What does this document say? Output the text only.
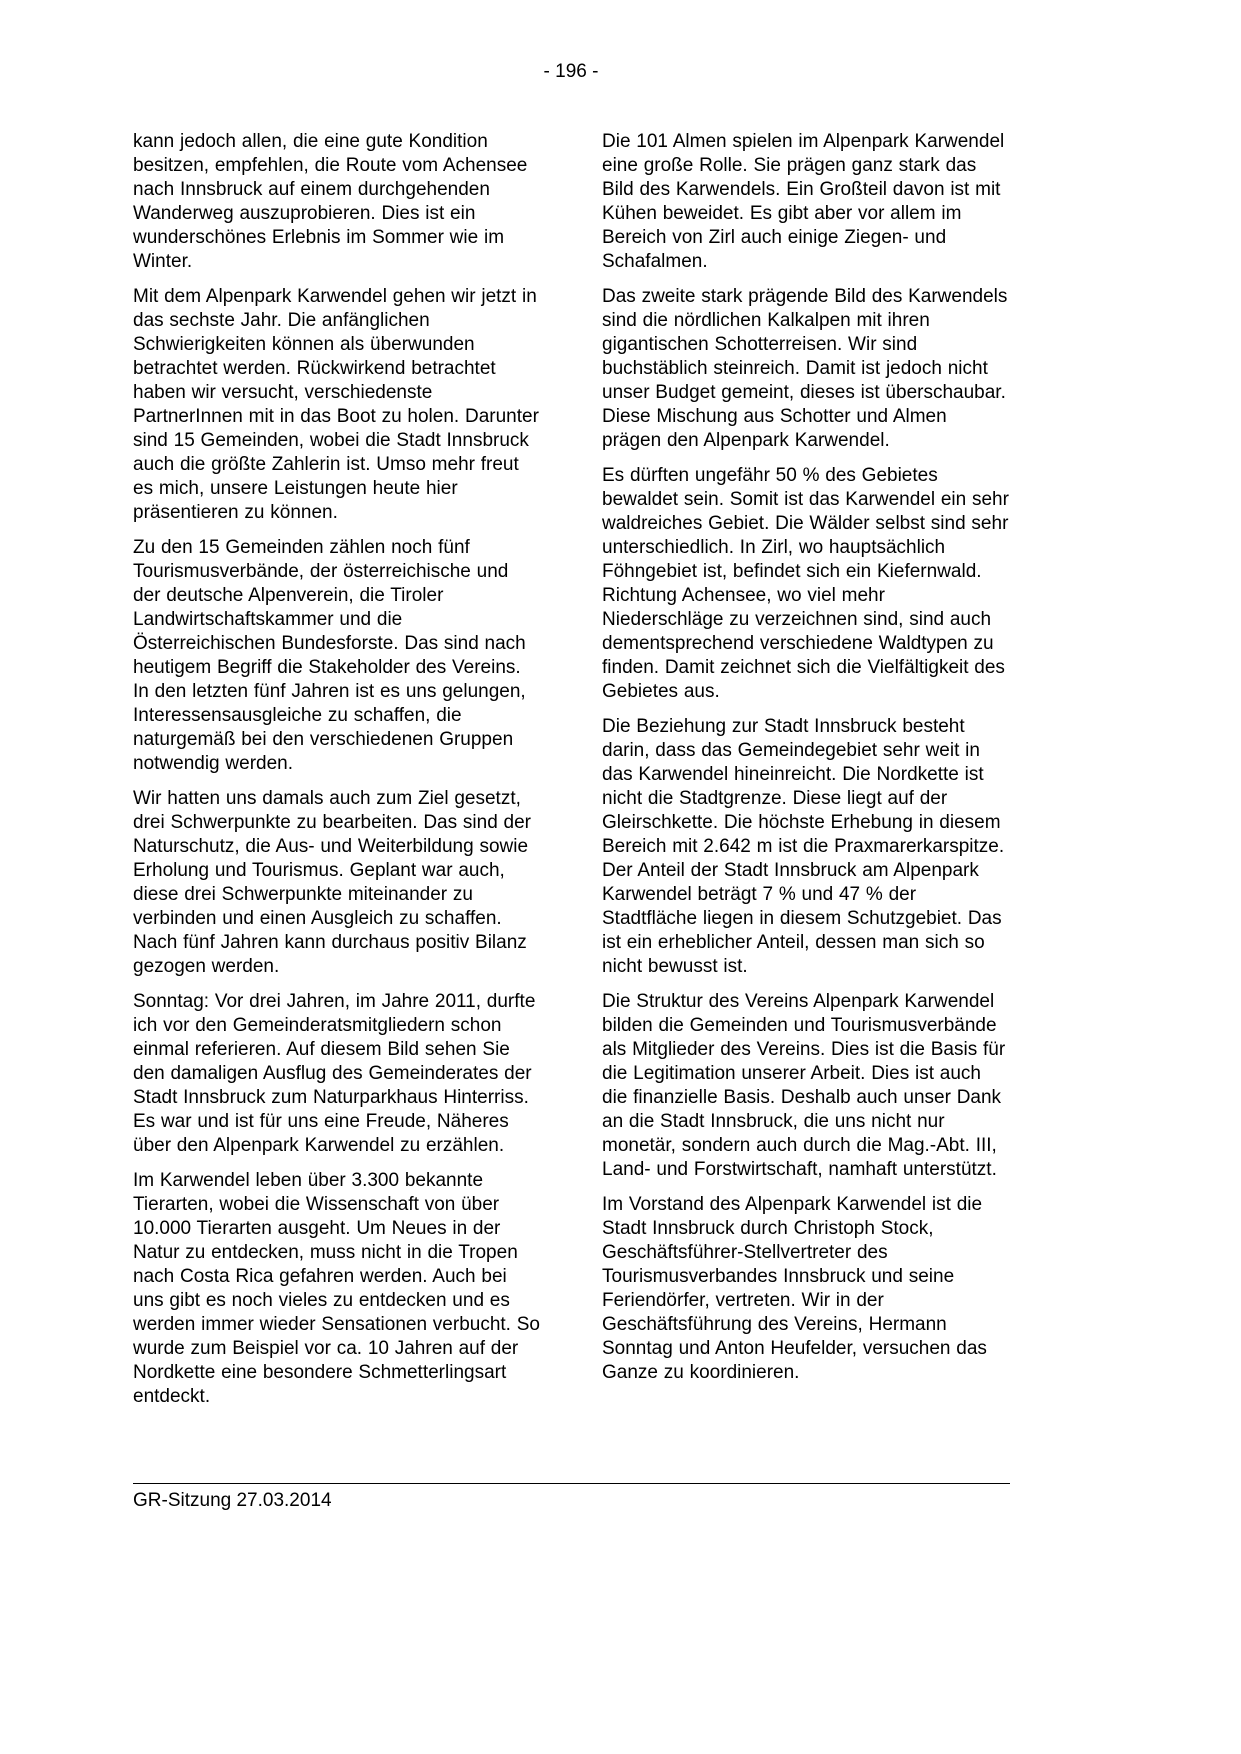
- 196 -

kann jedoch allen, die eine gute Kondition besitzen, empfehlen, die Route vom Achensee nach Innsbruck auf einem durchgehenden Wanderweg auszuprobieren. Dies ist ein wunderschönes Erlebnis im Sommer wie im Winter.

Mit dem Alpenpark Karwendel gehen wir jetzt in das sechste Jahr. Die anfänglichen Schwierigkeiten können als überwunden betrachtet werden. Rückwirkend betrachtet haben wir versucht, verschiedenste PartnerInnen mit in das Boot zu holen. Darunter sind 15 Gemeinden, wobei die Stadt Innsbruck auch die größte Zahlerin ist. Umso mehr freut es mich, unsere Leistungen heute hier präsentieren zu können.

Zu den 15 Gemeinden zählen noch fünf Tourismusverbände, der österreichische und der deutsche Alpenverein, die Tiroler Landwirtschaftskammer und die Österreichischen Bundesforste. Das sind nach heutigem Begriff die Stakeholder des Vereins. In den letzten fünf Jahren ist es uns gelungen, Interessensausgleiche zu schaffen, die naturgemäß bei den verschiedenen Gruppen notwendig werden.

Wir hatten uns damals auch zum Ziel gesetzt, drei Schwerpunkte zu bearbeiten. Das sind der Naturschutz, die Aus- und Weiterbildung sowie Erholung und Tourismus. Geplant war auch, diese drei Schwerpunkte miteinander zu verbinden und einen Ausgleich zu schaffen. Nach fünf Jahren kann durchaus positiv Bilanz gezogen werden.

Sonntag: Vor drei Jahren, im Jahre 2011, durfte ich vor den Gemeinderatsmitgliedern schon einmal referieren. Auf diesem Bild sehen Sie den damaligen Ausflug des Gemeinderates der Stadt Innsbruck zum Naturparkhaus Hinterriss. Es war und ist für uns eine Freude, Näheres über den Alpenpark Karwendel zu erzählen.

Im Karwendel leben über 3.300 bekannte Tierarten, wobei die Wissenschaft von über 10.000 Tierarten ausgeht. Um Neues in der Natur zu entdecken, muss nicht in die Tropen nach Costa Rica gefahren werden. Auch bei uns gibt es noch vieles zu entdecken und es werden immer wieder Sensationen verbucht. So wurde zum Beispiel vor ca. 10 Jahren auf der Nordkette eine besondere Schmetterlingsart entdeckt.

Die 101 Almen spielen im Alpenpark Karwendel eine große Rolle. Sie prägen ganz stark das Bild des Karwendels. Ein Großteil davon ist mit Kühen beweidet. Es gibt aber vor allem im Bereich von Zirl auch einige Ziegen- und Schafalmen.

Das zweite stark prägende Bild des Karwendels sind die nördlichen Kalkalpen mit ihren gigantischen Schotterreisen. Wir sind buchstäblich steinreich. Damit ist jedoch nicht unser Budget gemeint, dieses ist überschaubar. Diese Mischung aus Schotter und Almen prägen den Alpenpark Karwendel.

Es dürften ungefähr 50 % des Gebietes bewaldet sein. Somit ist das Karwendel ein sehr waldreiches Gebiet. Die Wälder selbst sind sehr unterschiedlich. In Zirl, wo hauptsächlich Föhngebiet ist, befindet sich ein Kiefernwald. Richtung Achensee, wo viel mehr Niederschläge zu verzeichnen sind, sind auch dementsprechend verschiedene Waldtypen zu finden. Damit zeichnet sich die Vielfältigkeit des Gebietes aus.

Die Beziehung zur Stadt Innsbruck besteht darin, dass das Gemeindegebiet sehr weit in das Karwendel hineinreicht. Die Nordkette ist nicht die Stadtgrenze. Diese liegt auf der Gleirschkette. Die höchste Erhebung in diesem Bereich mit 2.642 m ist die Praxmarerkarspitze. Der Anteil der Stadt Innsbruck am Alpenpark Karwendel beträgt 7 % und 47 % der Stadtfläche liegen in diesem Schutzgebiet. Das ist ein erheblicher Anteil, dessen man sich so nicht bewusst ist.

Die Struktur des Vereins Alpenpark Karwendel bilden die Gemeinden und Tourismusverbände als Mitglieder des Vereins. Dies ist die Basis für die Legitimation unserer Arbeit. Dies ist auch die finanzielle Basis. Deshalb auch unser Dank an die Stadt Innsbruck, die uns nicht nur monetär, sondern auch durch die Mag.-Abt. III, Land- und Forstwirtschaft, namhaft unterstützt.

Im Vorstand des Alpenpark Karwendel ist die Stadt Innsbruck durch Christoph Stock, Geschäftsführer-Stellvertreter des Tourismusverbandes Innsbruck und seine Feriendörfer, vertreten. Wir in der Geschäftsführung des Vereins, Hermann Sonntag und Anton Heufelder, versuchen das Ganze zu koordinieren.

GR-Sitzung 27.03.2014
